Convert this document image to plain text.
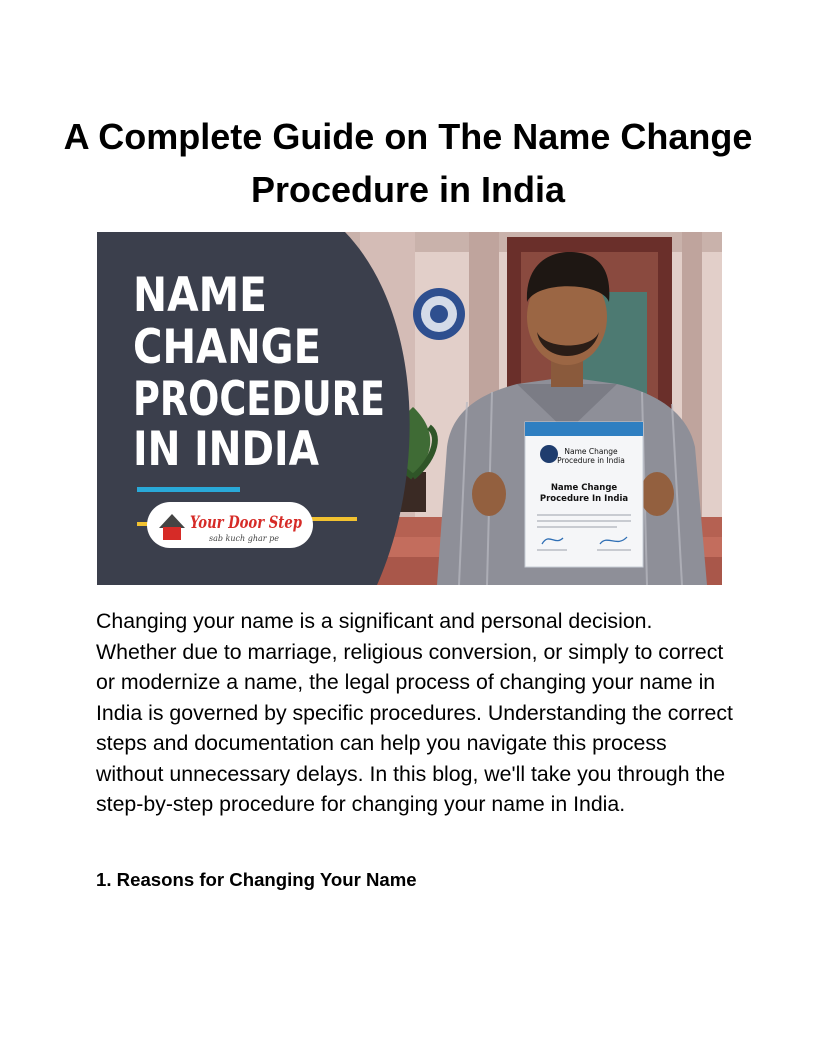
A Complete Guide on The Name Change Procedure in India
Name Change
Procedure in India
Name Change
Procedure In India
NAME
CHANGE
PROCEDURE
IN INDIA
Your Door Step
sab kuch ghar pe

Changing your name is a significant and personal decision. Whether due to marriage, religious conversion, or simply to correct or modernize a name, the legal process of changing your name in India is governed by specific procedures. Understanding the correct steps and documentation can help you navigate this process without unnecessary delays. In this blog, we'll take you through the step-by-step procedure for changing your name in India.

1. Reasons for Changing Your Name
